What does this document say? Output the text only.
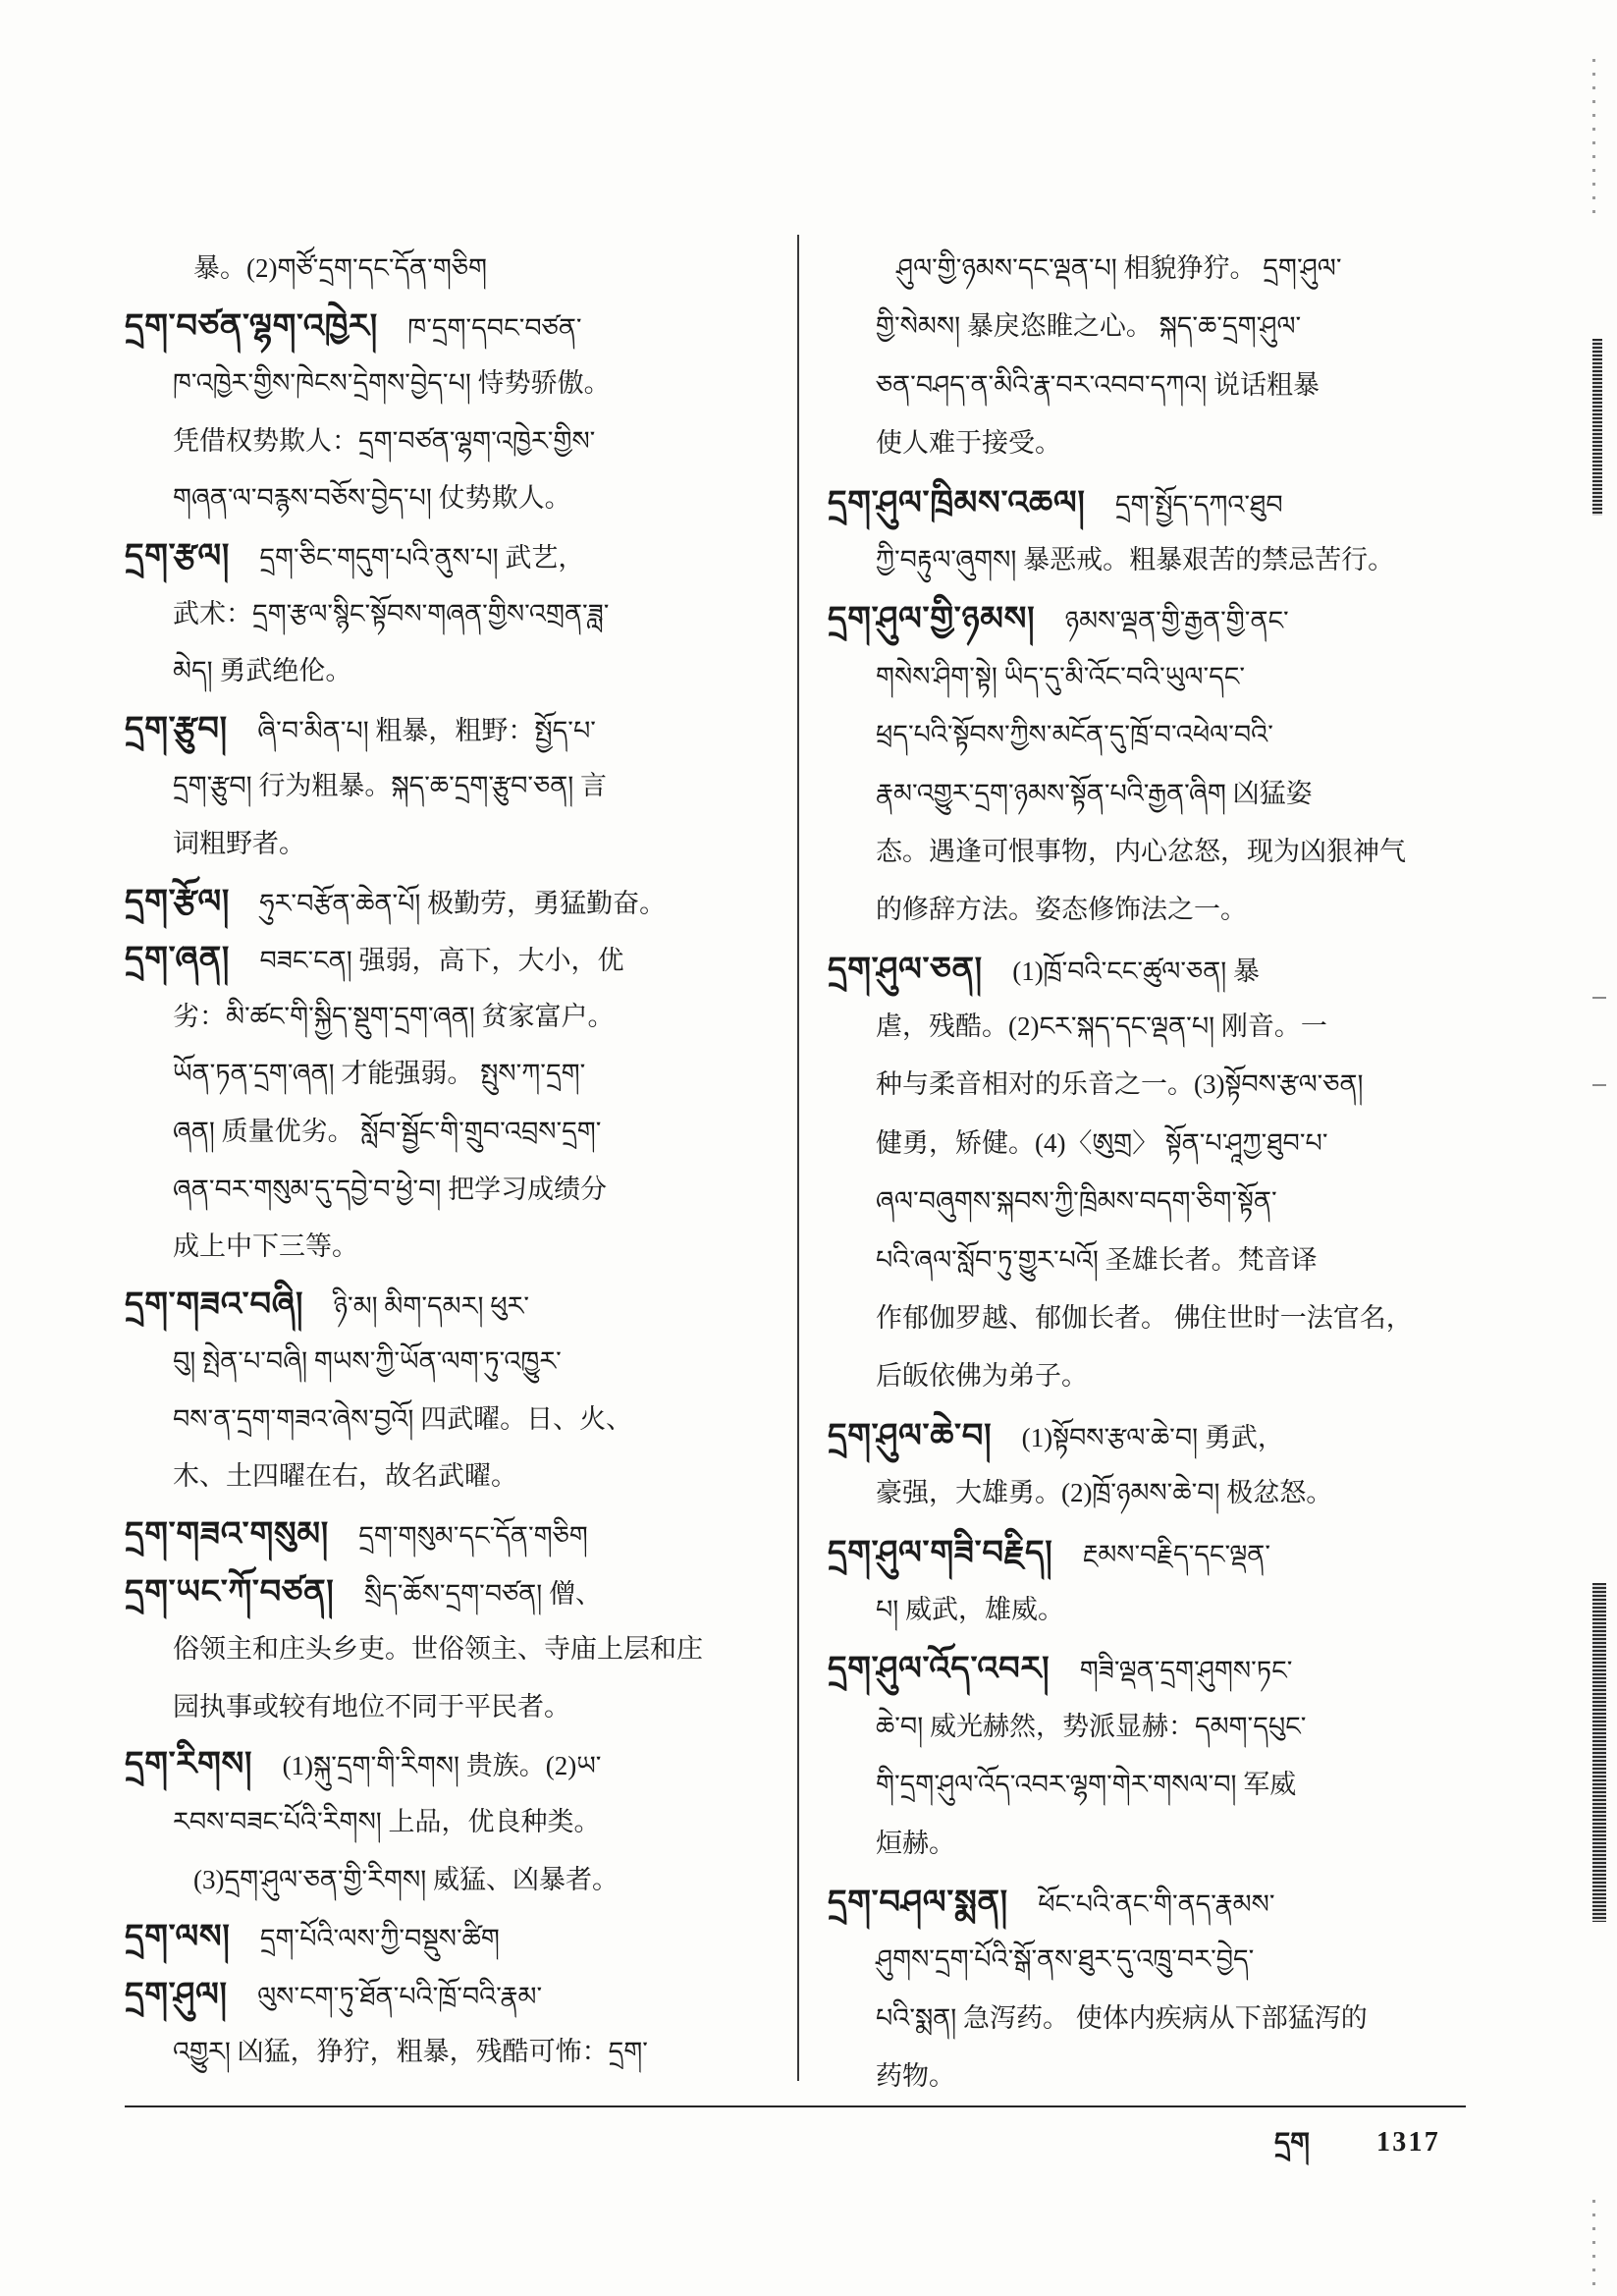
暴。(2)གཙོ་དྲག་དང་དོན་གཅིག
དྲག་བཙན་ལྷག་འཁྱེར། ཁ་དྲག་དབང་བཙན་
ཁ་འཁྱེར་གྱིས་ཁེངས་དྲེགས་བྱེད་པ། 恃势骄傲。
凭借权势欺人：དྲག་བཙན་ལྷག་འཁྱེར་གྱིས་
གཞན་ལ་བརྙས་བཅོས་བྱེད་པ། 仗势欺人。
དྲག་རྩལ། དྲག་ཅིང་གདུག་པའི་ནུས་པ། 武艺，
武术：དྲག་རྩལ་སྙིང་སྟོབས་གཞན་གྱིས་འགྲན་ཟླ་
མེད། 勇武绝伦。
དྲག་རྩུབ། ཞི་བ་མིན་པ། 粗暴，粗野：སྤྱོད་པ་
དྲག་རྩུབ། 行为粗暴。སྐད་ཆ་དྲག་རྩུབ་ཅན། 言
词粗野者。
དྲག་རྩོལ། ཧུར་བརྩོན་ཆེན་པོ། 极勤劳，勇猛勤奋。
དྲག་ཞན། བཟང་ངན། 强弱，高下，大小，优
劣：མི་ཚང་གི་སྐྱིད་སྡུག་དྲག་ཞན། 贫家富户。
ཡོན་ཏན་དྲག་ཞན། 才能强弱。 སྤུས་ཀ་དྲག་
ཞན། 质量优劣。 སློབ་སྦྱོང་གི་གྲུབ་འབྲས་དྲག་
ཞན་བར་གསུམ་དུ་དབྱེ་བ་ཕྱེ་བ། 把学习成绩分
成上中下三等。
དྲག་གཟའ་བཞི། ཉི་མ། མིག་དམར། ཕུར་
བུ། སྤེན་པ་བཞི། གཡས་ཀྱི་ཡོན་ལག་ཏུ་འཁྱུར་
བས་ན་དྲག་གཟའ་ཞེས་བྱའོ། 四武曜。日、火、
木、土四曜在右，故名武曜。
དྲག་གཟའ་གསུམ། དྲག་གསུམ་དང་དོན་གཅིག
དྲག་ཡང་ཀོ་བཙན། སྲིད་ཆོས་དྲག་བཙན། 僧、
俗领主和庄头乡吏。世俗领主、寺庙上层和庄
园执事或较有地位不同于平民者。
དྲག་རིགས། (1)སྐུ་དྲག་གི་རིགས། 贵族。(2)ཡ་
རབས་བཟང་པོའི་རིགས། 上品，优良种类。
(3)དྲག་ཤུལ་ཅན་གྱི་རིགས། 威猛、凶暴者。
དྲག་ལས། དྲག་པོའི་ལས་ཀྱི་བསྡུས་ཚིག
དྲག་ཤུལ། ལུས་ངག་ཏུ་ཐོན་པའི་ཁྲོ་བའི་རྣམ་
འགྱུར། 凶猛，狰狞，粗暴，残酷可怖：དྲག་
ཤུལ་གྱི་ཉམས་དང་ལྡན་པ། 相貌狰狞。 དྲག་ཤུལ་
གྱི་སེམས། 暴戾恣睢之心。 སྐད་ཆ་དྲག་ཤུལ་
ཅན་བཤད་ན་མིའི་རྣ་བར་འབབ་དཀའ། 说话粗暴
使人难于接受。
དྲག་ཤུལ་ཁྲིམས་འཆལ། དྲག་སྤྱོད་དཀའ་ཐུབ
ཀྱི་བརྟུལ་ཞུགས། 暴恶戒。粗暴艰苦的禁忌苦行。
དྲག་ཤུལ་གྱི་ཉམས། ཉམས་ལྡན་གྱི་རྒྱན་གྱི་ནང་
གསེས་ཤིག་སྟེ། ཡིད་དུ་མི་འོང་བའི་ཡུལ་དང་
ཕྲད་པའི་སྟོབས་ཀྱིས་མངོན་དུ་ཁྲོ་བ་འཕེལ་བའི་
རྣམ་འགྱུར་དྲག་ཉམས་སྟོན་པའི་རྒྱན་ཞིག 凶猛姿
态。遇逢可恨事物，内心忿怒，现为凶狠神气
的修辞方法。姿态修饰法之一。
དྲག་ཤུལ་ཅན། (1)ཁྲོ་བའི་ངང་ཚུལ་ཅན། 暴
虐，残酷。(2)ངར་སྐད་དང་ལྡན་པ། 刚音。一
种与柔音相对的乐音之一。(3)སྟོབས་རྩལ་ཅན།
健勇，矫健。(4)〈ཨུགྲ〉 སྟོན་པ་ཤཱཀྱ་ཐུབ་པ་
ཞལ་བཞུགས་སྐབས་ཀྱི་ཁྲིམས་བདག་ཅིག་སྟོན་
པའི་ཞལ་སློབ་ཏུ་གྱུར་པའོ། 圣雄长者。梵音译
作郁伽罗越、郁伽长者。 佛住世时一法官名，
后皈依佛为弟子。
དྲག་ཤུལ་ཆེ་བ། (1)སྟོབས་རྩལ་ཆེ་བ། 勇武，
豪强，大雄勇。(2)ཁྲོ་ཉམས་ཆེ་བ། 极忿怒。
དྲག་ཤུལ་གཟི་བརྗིད། རྔམས་བརྗིད་དང་ལྡན་
པ། 威武，雄威。
དྲག་ཤུལ་འོད་འབར། གཟི་ལྡན་དྲག་ཤུགས་ཏང་
ཆེ་བ། 威光赫然，势派显赫：དམག་དཔུང་
གི་དྲག་ཤུལ་འོད་འབར་ལྷག་གེར་གསལ་བ། 军威
烜赫。
དྲག་བཤལ་སྨན། ཕོང་པའི་ནང་གི་ནད་རྣམས་
ཤུགས་དྲག་པོའི་སྒོ་ནས་ཐུར་དུ་འཁྲུ་བར་བྱེད་
པའི་སྨན། 急泻药。 使体内疾病从下部猛泻的
药物。
དྲག 1317
